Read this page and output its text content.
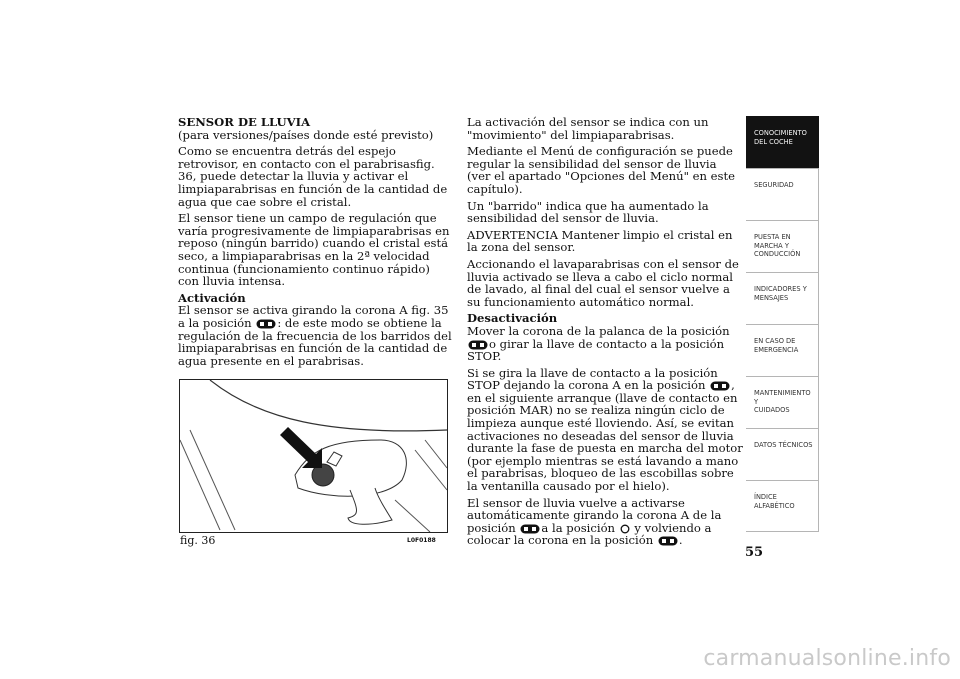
SENSOR DE LLUVIA

(para versiones/países donde esté previsto)

Como se encuentra detrás del espejo retrovisor, en contacto con el parabrisasfig. 36, puede detectar la lluvia y activar el limpiaparabrisas en función de la cantidad de agua que cae sobre el cristal.

El sensor tiene un campo de regulación que varía progresivamente de limpiaparabrisas en reposo (ningún barrido) cuando el cristal está seco, a limpiaparabrisas en la 2ª velocidad continua (funcionamiento continuo rápido) con lluvia intensa.

Activación

El sensor se activa girando la corona A fig. 35 a la posición : de este modo se obtiene la regulación de la frecuencia de los barridos del limpiaparabrisas en función de la cantidad de agua presente en el parabrisas.

fig. 36	L0F0188

La activación del sensor se indica con un "movimiento" del limpiaparabrisas.

Mediante el Menú de configuración se puede regular la sensibilidad del sensor de lluvia (ver el apartado "Opciones del Menú" en este capítulo).

Un "barrido" indica que ha aumentado la sensibilidad del sensor de lluvia.

ADVERTENCIA Mantener limpio el cristal en la zona del sensor.

Accionando el lavaparabrisas con el sensor de lluvia activado se lleva a cabo el ciclo normal de lavado, al final del cual el sensor vuelve a su funcionamiento automático normal.

Desactivación

Mover la corona de la palanca de la posición o girar la llave de contacto a la posición STOP.

Si se gira la llave de contacto a la posición STOP dejando la corona A en la posición , en el siguiente arranque (llave de contacto en posición MAR) no se realiza ningún ciclo de limpieza aunque esté lloviendo. Así, se evitan activaciones no deseadas del sensor de lluvia durante la fase de puesta en marcha del motor (por ejemplo mientras se está lavando a mano el parabrisas, bloqueo de las escobillas sobre la ventanilla causado por el hielo).

El sensor de lluvia vuelve a activarse automáticamente girando la corona A de la posición a la posición y volviendo a colocar la corona en la posición .

CONOCIMIENTO
DEL COCHE
SEGURIDAD
PUESTA EN
MARCHA Y
CONDUCCIÓN
INDICADORES Y
MENSAJES
EN CASO DE
EMERGENCIA
MANTENIMIENTO Y
CUIDADOS
DATOS TÉCNICOS
ÍNDICE
ALFABÉTICO
55
carmanualsonline.info
